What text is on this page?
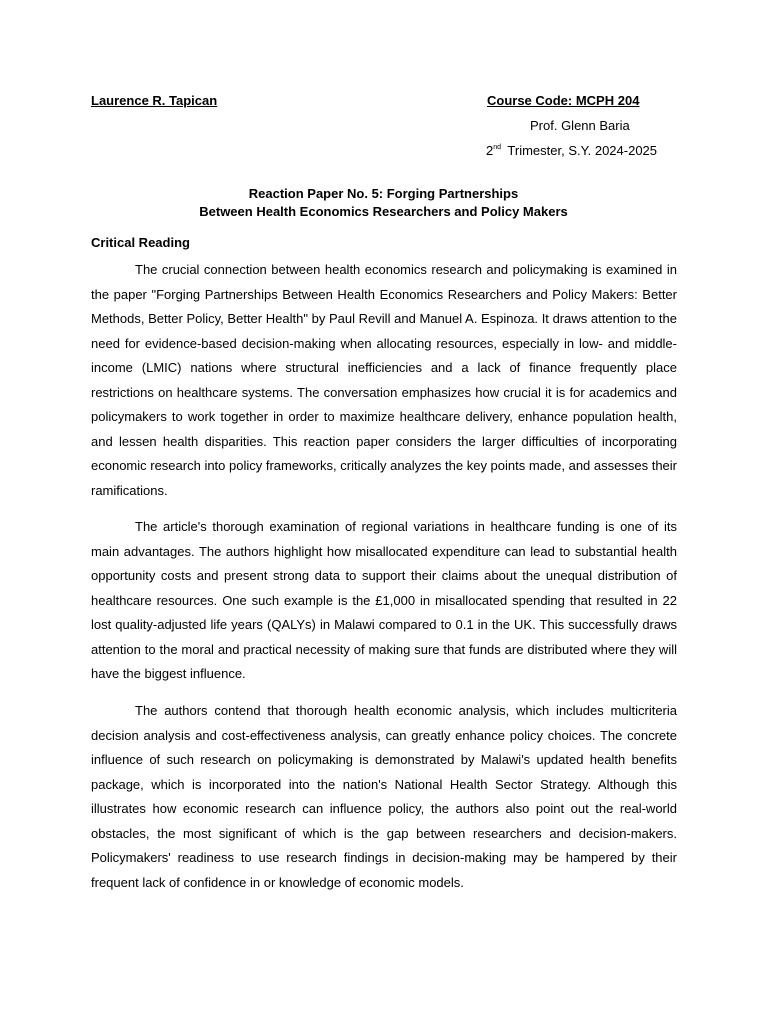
Laurence R. Tapican	Course Code: MCPH 204
Prof. Glenn Baria
2nd Trimester, S.Y. 2024-2025
Reaction Paper No. 5: Forging Partnerships
Between Health Economics Researchers and Policy Makers
Critical Reading

The crucial connection between health economics research and policymaking is examined in the paper "Forging Partnerships Between Health Economics Researchers and Policy Makers: Better Methods, Better Policy, Better Health" by Paul Revill and Manuel A. Espinoza. It draws attention to the need for evidence-based decision-making when allocating resources, especially in low- and middle-income (LMIC) nations where structural inefficiencies and a lack of finance frequently place restrictions on healthcare systems. The conversation emphasizes how crucial it is for academics and policymakers to work together in order to maximize healthcare delivery, enhance population health, and lessen health disparities. This reaction paper considers the larger difficulties of incorporating economic research into policy frameworks, critically analyzes the key points made, and assesses their ramifications.

The article's thorough examination of regional variations in healthcare funding is one of its main advantages. The authors highlight how misallocated expenditure can lead to substantial health opportunity costs and present strong data to support their claims about the unequal distribution of healthcare resources. One such example is the £1,000 in misallocated spending that resulted in 22 lost quality-adjusted life years (QALYs) in Malawi compared to 0.1 in the UK. This successfully draws attention to the moral and practical necessity of making sure that funds are distributed where they will have the biggest influence.

The authors contend that thorough health economic analysis, which includes multicriteria decision analysis and cost-effectiveness analysis, can greatly enhance policy choices. The concrete influence of such research on policymaking is demonstrated by Malawi's updated health benefits package, which is incorporated into the nation's National Health Sector Strategy. Although this illustrates how economic research can influence policy, the authors also point out the real-world obstacles, the most significant of which is the gap between researchers and decision-makers. Policymakers' readiness to use research findings in decision-making may be hampered by their frequent lack of confidence in or knowledge of economic models.
